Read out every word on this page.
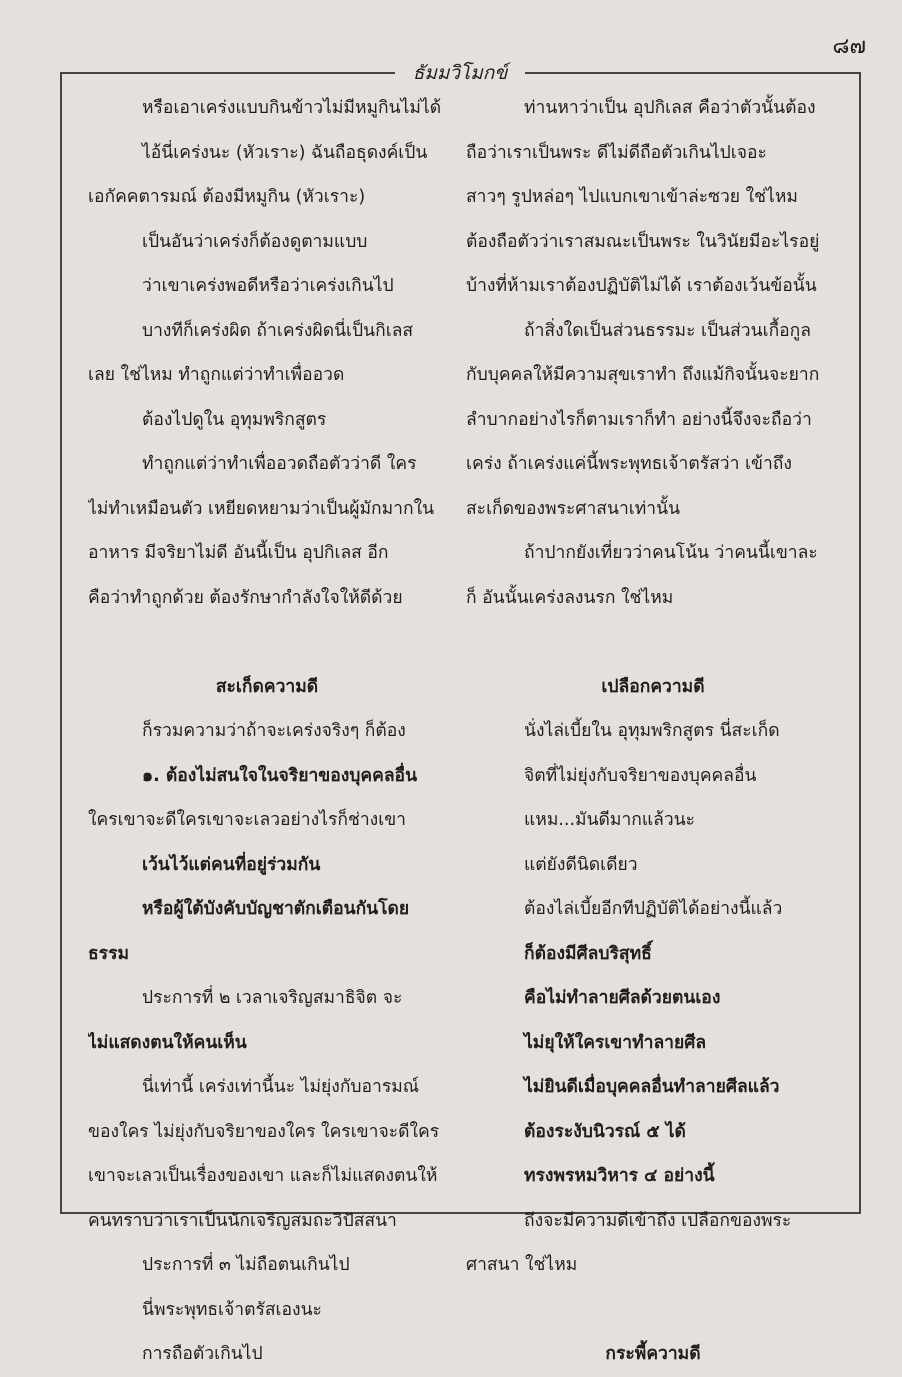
๘๗
ธัมมวิโมกข์
หรือเอาเคร่งแบบกินข้าวไม่มีหมูกินไม่ได้
ไอ้นี่เคร่งนะ (หัวเราะ) ฉันถือธุดงค์เป็น
เอกัคคตารมณ์ ต้องมีหมูกิน (หัวเราะ)
เป็นอันว่าเคร่งก็ต้องดูตามแบบ
ว่าเขาเคร่งพอดีหรือว่าเคร่งเกินไป
บางทีก็เคร่งผิด ถ้าเคร่งผิดนี่เป็นกิเลส
เลย ใช่ไหม ทำถูกแต่ว่าทำเพื่ออวด
ต้องไปดูใน อุทุมพริกสูตร
ทำถูกแต่ว่าทำเพื่ออวดถือตัวว่าดี ใคร
ไม่ทำเหมือนตัว เหยียดหยามว่าเป็นผู้มักมากใน
อาหาร มีจริยาไม่ดี อันนี้เป็น อุปกิเลส อีก
คือว่าทำถูกด้วย ต้องรักษากำลังใจให้ดีด้วย
สะเก็ดความดี
ก็รวมความว่าถ้าจะเคร่งจริงๆ ก็ต้อง
๑. ต้องไม่สนใจในจริยาของบุคคลอื่น
ใครเขาจะดีใครเขาจะเลวอย่างไรก็ช่างเขา
เว้นไว้แต่คนที่อยู่ร่วมกัน
หรือผู้ใต้บังคับบัญชาตักเตือนกันโดย
ธรรม
ประการที่ ๒ เวลาเจริญสมาธิจิต จะ
ไม่แสดงตนให้คนเห็น
นี่เท่านี้ เคร่งเท่านี้นะ ไม่ยุ่งกับอารมณ์
ของใคร ไม่ยุ่งกับจริยาของใคร ใครเขาจะดีใคร
เขาจะเลวเป็นเรื่องของเขา และก็ไม่แสดงตนให้
คนทราบว่าเราเป็นนักเจริญสมถะวิปัสสนา
ประการที่ ๓ ไม่ถือตนเกินไป
นี่พระพุทธเจ้าตรัสเองนะ
การถือตัวเกินไป
ท่านหาว่าเป็น อุปกิเลส คือว่าตัวนั้นต้อง
ถือว่าเราเป็นพระ ดีไม่ดีถือตัวเกินไปเจอะ
สาวๆ รูปหล่อๆ ไปแบกเขาเข้าล่ะซวย ใช่ไหม
ต้องถือตัวว่าเราสมณะเป็นพระ ในวินัยมีอะไรอยู่
บ้างที่ห้ามเราต้องปฏิบัติไม่ได้ เราต้องเว้นข้อนั้น
ถ้าสิ่งใดเป็นส่วนธรรมะ เป็นส่วนเกื้อกูล
กับบุคคลให้มีความสุขเราทำ ถึงแม้กิจนั้นจะยาก
ลำบากอย่างไรก็ตามเราก็ทำ อย่างนี้จึงจะถือว่า
เคร่ง ถ้าเคร่งแค่นี้พระพุทธเจ้าตรัสว่า เข้าถึง
สะเก็ดของพระศาสนาเท่านั้น
ถ้าปากยังเที่ยวว่าคนโน้น ว่าคนนี้เขาละ
ก็ อันนั้นเคร่งลงนรก ใช่ไหม
เปลือกความดี
นั่งไล่เบี้ยใน อุทุมพริกสูตร นี่สะเก็ด
จิตที่ไม่ยุ่งกับจริยาของบุคคลอื่น
แหม...มันดีมากแล้วนะ
แต่ยังดีนิดเดียว
ต้องไล่เบี้ยอีกทีปฏิบัติได้อย่างนี้แล้ว
ก็ต้องมีศีลบริสุทธิ์
คือไม่ทำลายศีลด้วยตนเอง
ไม่ยุให้ใครเขาทำลายศีล
ไม่ยินดีเมื่อบุคคลอื่นทำลายศีลแล้ว
ต้องระงับนิวรณ์ ๕ ได้
ทรงพรหมวิหาร ๔ อย่างนี้
ถึงจะมีความดีเข้าถึง เปลือกของพระ
ศาสนา ใช่ไหม
กระพี้ความดี
